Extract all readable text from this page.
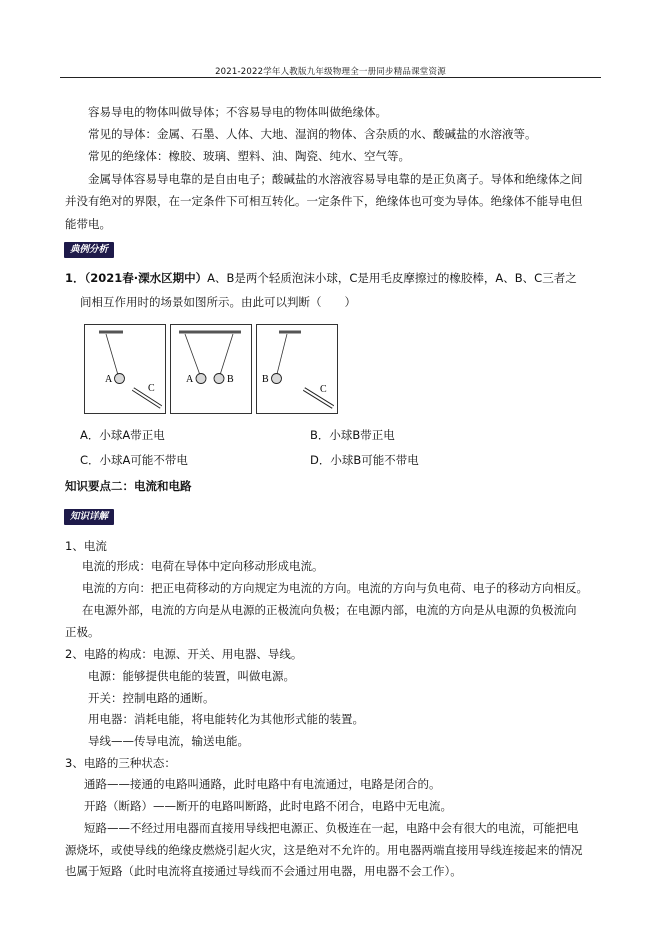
2021-2022学年人教版九年级物理全一册同步精品课堂资源
容易导电的物体叫做导体；不容易导电的物体叫做绝缘体。
常见的导体：金属、石墨、人体、大地、湿润的物体、含杂质的水、酸碱盐的水溶液等。
常见的绝缘体：橡胶、玻璃、塑料、油、陶瓷、纯水、空气等。
金属导体容易导电靠的是自由电子；酸碱盐的水溶液容易导电靠的是正负离子。导体和绝缘体之间
并没有绝对的界限，在一定条件下可相互转化。一定条件下，绝缘体也可变为导体。绝缘体不能导电但
能带电。
典例分析
1．（2021春·溧水区期中）A、B是两个轻质泡沫小球，C是用毛皮摩擦过的橡胶棒，A、B、C三者之
间相互作用时的场景如图所示。由此可以判断（　　）
A
C
A	B	B
C
A．小球A带正电	B．小球B带正电
C．小球A可能不带电	D．小球B可能不带电
知识要点二：电流和电路
知识详解
1、电流
电流的形成：电荷在导体中定向移动形成电流。
电流的方向：把正电荷移动的方向规定为电流的方向。电流的方向与负电荷、电子的移动方向相反。
在电源外部，电流的方向是从电源的正极流向负极；在电源内部，电流的方向是从电源的负极流向
正极。
2、电路的构成：电源、开关、用电器、导线。
电源：能够提供电能的装置，叫做电源。
开关：控制电路的通断。
用电器：消耗电能，将电能转化为其他形式能的装置。
导线——传导电流，输送电能。
3、电路的三种状态：
通路——接通的电路叫通路，此时电路中有电流通过，电路是闭合的。
开路（断路）——断开的电路叫断路，此时电路不闭合，电路中无电流。
短路——不经过用电器而直接用导线把电源正、负极连在一起，电路中会有很大的电流，可能把电
源烧坏，或使导线的绝缘皮燃烧引起火灾，这是绝对不允许的。用电器两端直接用导线连接起来的情况
也属于短路（此时电流将直接通过导线而不会通过用电器，用电器不会工作）。
